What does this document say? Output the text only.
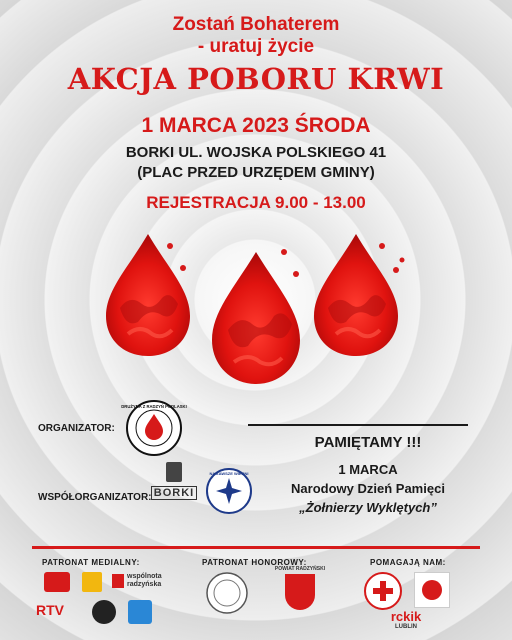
Zostań Bohaterem
- uratuj życie
AKCJA POBORU KRWI
1 MARCA 2023 ŚRODA
BORKI UL. WOJSKA POLSKIEGO 41
(PLAC PRZED URZĘDEM GMINY)
REJESTRACJA 9.00 - 13.00
ORGANIZATOR:
DRUŻYNA Z RADZYŃ PODLASKI
WSPÓŁORGANIZATOR: BORKI
NA ZAWSZE WIERNI
PAMIĘTAMY !!!
1 MARCA
Narodowy Dzień Pamięci
„Żołnierzy Wyklętych”
PATRONAT MEDIALNY:	PATRONAT HONOROWY:	POMAGAJĄ NAM:
wspólnota radzyńska
RTV
POWIAT RADZYŃSKI
rckik
LUBLIN
